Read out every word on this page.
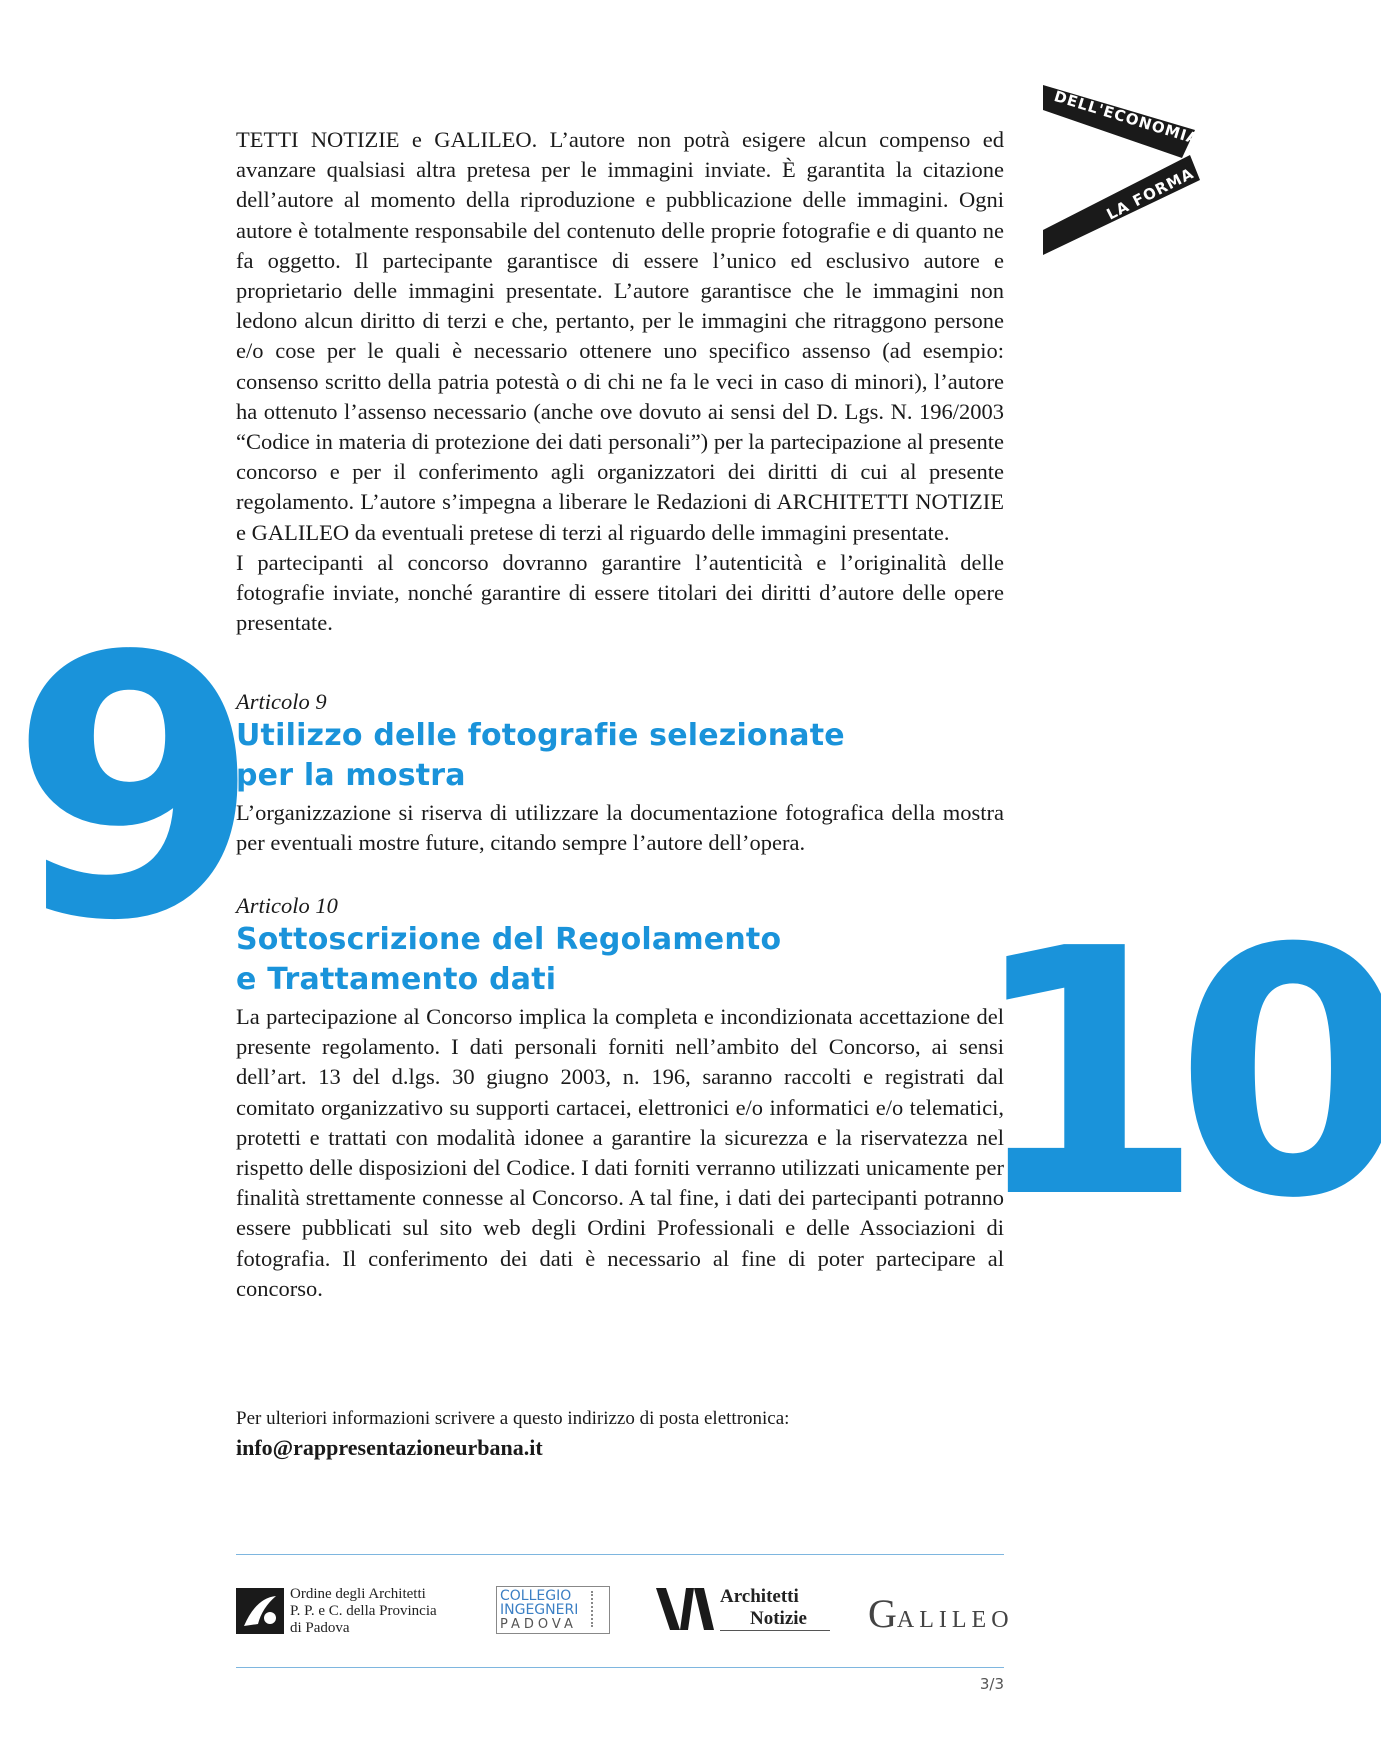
DELL'ECONOMIA
LA FORMA
9
10

TETTI NOTIZIE e GALILEO. L’autore non potrà esigere alcun compenso ed avanzare qualsiasi altra pretesa per le immagini inviate. È garantita la citazione dell’autore al momento della riproduzione e pubblicazione delle immagini. Ogni autore è totalmente responsabile del contenuto delle proprie fotografie e di quanto ne fa oggetto. Il partecipante garantisce di essere l’unico ed esclusivo autore e proprietario delle immagini presentate. L’autore garantisce che le immagini non ledono alcun diritto di terzi e che, pertanto, per le immagini che ritraggono persone e/o cose per le quali è necessario ottenere uno specifico assenso (ad esempio: consenso scritto della patria potestà o di chi ne fa le veci in caso di minori), l’autore ha ottenuto l’assenso necessario (anche ove dovuto ai sensi del D. Lgs. N. 196/2003 “Codice in materia di protezione dei dati personali”) per la partecipazione al presente concorso e per il conferimento agli organizzatori dei diritti di cui al presente regolamento. L’autore s’impegna a liberare le Redazioni di ARCHITETTI NOTIZIE e GALILEO da eventuali pretese di terzi al riguardo delle immagini presentate.

I partecipanti al concorso dovranno garantire l’autenticità e l’originalità delle fotografie inviate, nonché garantire di essere titolari dei diritti d’autore delle opere presentate.

Articolo 9

Utilizzo delle fotografie selezionate
per la mostra

L’organizzazione si riserva di utilizzare la documentazione fotografica della mostra per eventuali mostre future, citando sempre l’autore dell’opera.

Articolo 10

Sottoscrizione del Regolamento
e Trattamento dati

La partecipazione al Concorso implica la completa e incondizionata accettazione del presente regolamento. I dati personali forniti nell’ambito del Concorso, ai sensi dell’art. 13 del d.lgs. 30 giugno 2003, n. 196, saranno raccolti e registrati dal comitato organizzativo su supporti cartacei, elettronici e/o informatici e/o telematici, protetti e trattati con modalità idonee a garantire la sicurezza e la riservatezza nel rispetto delle disposizioni del Codice. I dati forniti verranno utilizzati unicamente per finalità strettamente connesse al Concorso. A tal fine, i dati dei partecipanti potranno essere pubblicati sul sito web degli Ordini Professionali e delle Associazioni di fotografia. Il conferimento dei dati è necessario al fine di poter partecipare al concorso.

Per ulteriori informazioni scrivere a questo indirizzo di posta elettronica:

info@rappresentazioneurbana.it

Ordine degli Architetti
P. P. e C. della Provincia
di Padova
COLLEGIO
INGEGNERI
PADOVA
Architetti
Notizie GALILEO
3/3
